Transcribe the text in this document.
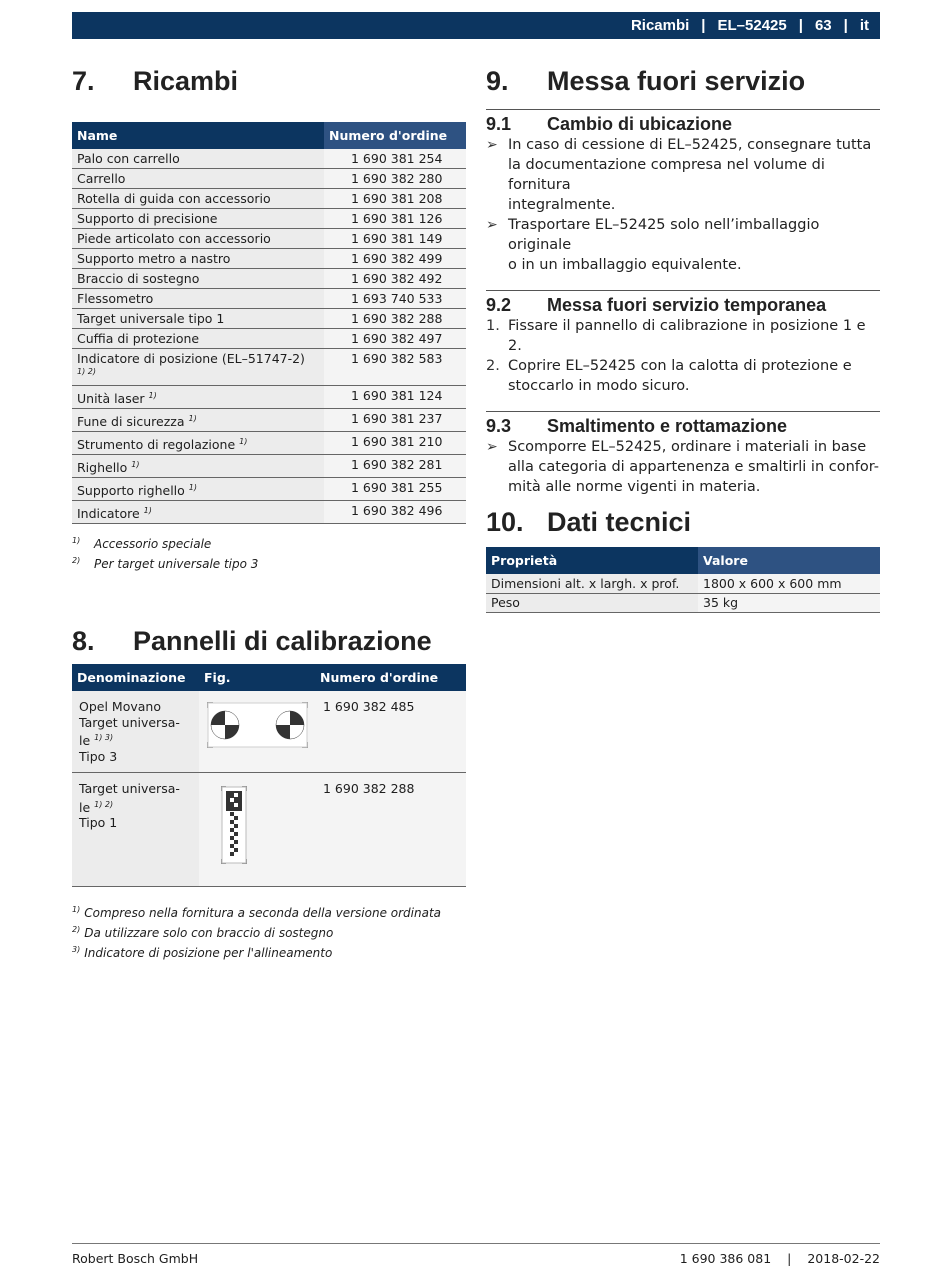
Ricambi | EL–52425 | 63 | it
7.	Ricambi
Name	Numero d'ordine
Palo con carrello	1 690 381 254
Carrello	1 690 382 280
Rotella di guida con accessorio	1 690 381 208
Supporto di precisione	1 690 381 126
Piede articolato con accessorio	1 690 381 149
Supporto metro a nastro	1 690 382 499
Braccio di sostegno	1 690 382 492
Flessometro	1 693 740 533
Target universale tipo 1	1 690 382 288
Cuffia di protezione	1 690 382 497
Indicatore di posizione (EL–51747-2)
1) 2)	1 690 382 583
Unità laser $^{1)}$	1 690 381 124
Fune di sicurezza $^{1)}$	1 690 381 237
Strumento di regolazione $^{1)}$	1 690 381 210
Righello $^{1)}$	1 690 382 281
Supporto righello $^{1)}$	1 690 381 255
Indicatore $^{1)}$	1 690 382 496
1)	Accessorio speciale
2)	Per target universale tipo 3
8.	Pannelli di calibrazione
Denominazione	Fig.	Numero d'ordine

Opel Movano
Target universa-
le $^{1) 3)}$
Tipo 3		1 690 382 485

Target universa-
le $^{1) 2)}$
Tipo 1		1 690 382 288
1) Compreso nella fornitura a seconda della versione ordinata
2) Da utilizzare solo con braccio di sostegno
3) Indicatore di posizione per l'allineamento
9.	Messa fuori servizio
9.1	Cambio di ubicazione
➢ In caso di cessione di EL–52425, consegnare tutta
la documentazione compresa nel volume di fornitura
integralmente.
➢ Trasportare EL–52425 solo nell’imballaggio originale
o in un imballaggio equivalente.
9.2	Messa fuori servizio temporanea
1. Fissare il pannello di calibrazione in posizione 1 e 2.
2. Coprire EL–52425 con la calotta di protezione e
stoccarlo in modo sicuro.
9.3	Smaltimento e rottamazione
➢ Scomporre EL–52425, ordinare i materiali in base
alla categoria di appartenenza e smaltirli in confor-
mità alle norme vigenti in materia.
10. Dati tecnici
Proprietà	Valore
Dimensioni alt. x largh. x prof.	1800 x 600 x 600 mm
Peso	35 kg
Robert Bosch GmbH	1 690 386 081 | 2018-02-22
